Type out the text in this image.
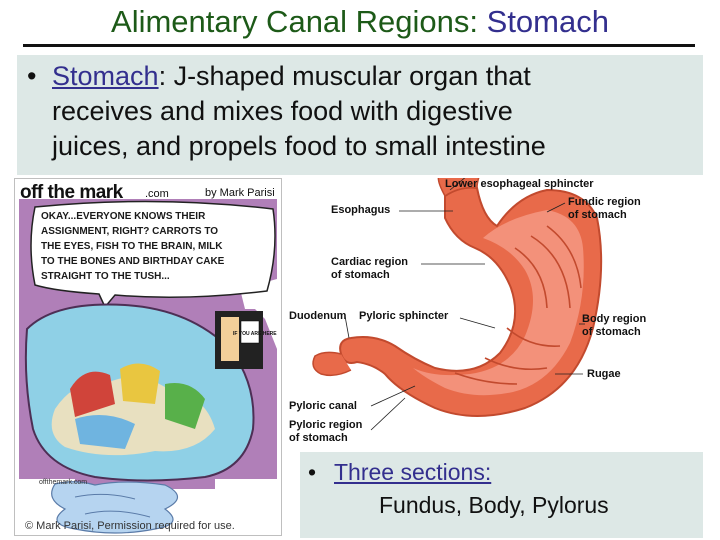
Alimentary Canal Regions: Stomach
• Stomach: J-shaped muscular organ that
receives and mixes food with digestive
juices, and propels food to small intestine
off the mark .com	by Mark Parisi
OKAY...EVERYONE KNOWS THEIR
ASSIGNMENT, RIGHT? CARROTS TO
THE EYES, FISH TO THE BRAIN, MILK
TO THE BONES AND BIRTHDAY CAKE
STRAIGHT TO THE TUSH...
IF YOU ARE HERE
offthemark.com
© Mark Parisi, Permission required for use.
Lower esophageal sphincter
Esophagus
Fundic region
of stomach
Cardiac region
of stomach
Duodenum Pyloric sphincter	Body region
of stomach
Rugae
Pyloric canal
Pyloric region
of stomach
• Three sections:
Fundus, Body, Pylorus
